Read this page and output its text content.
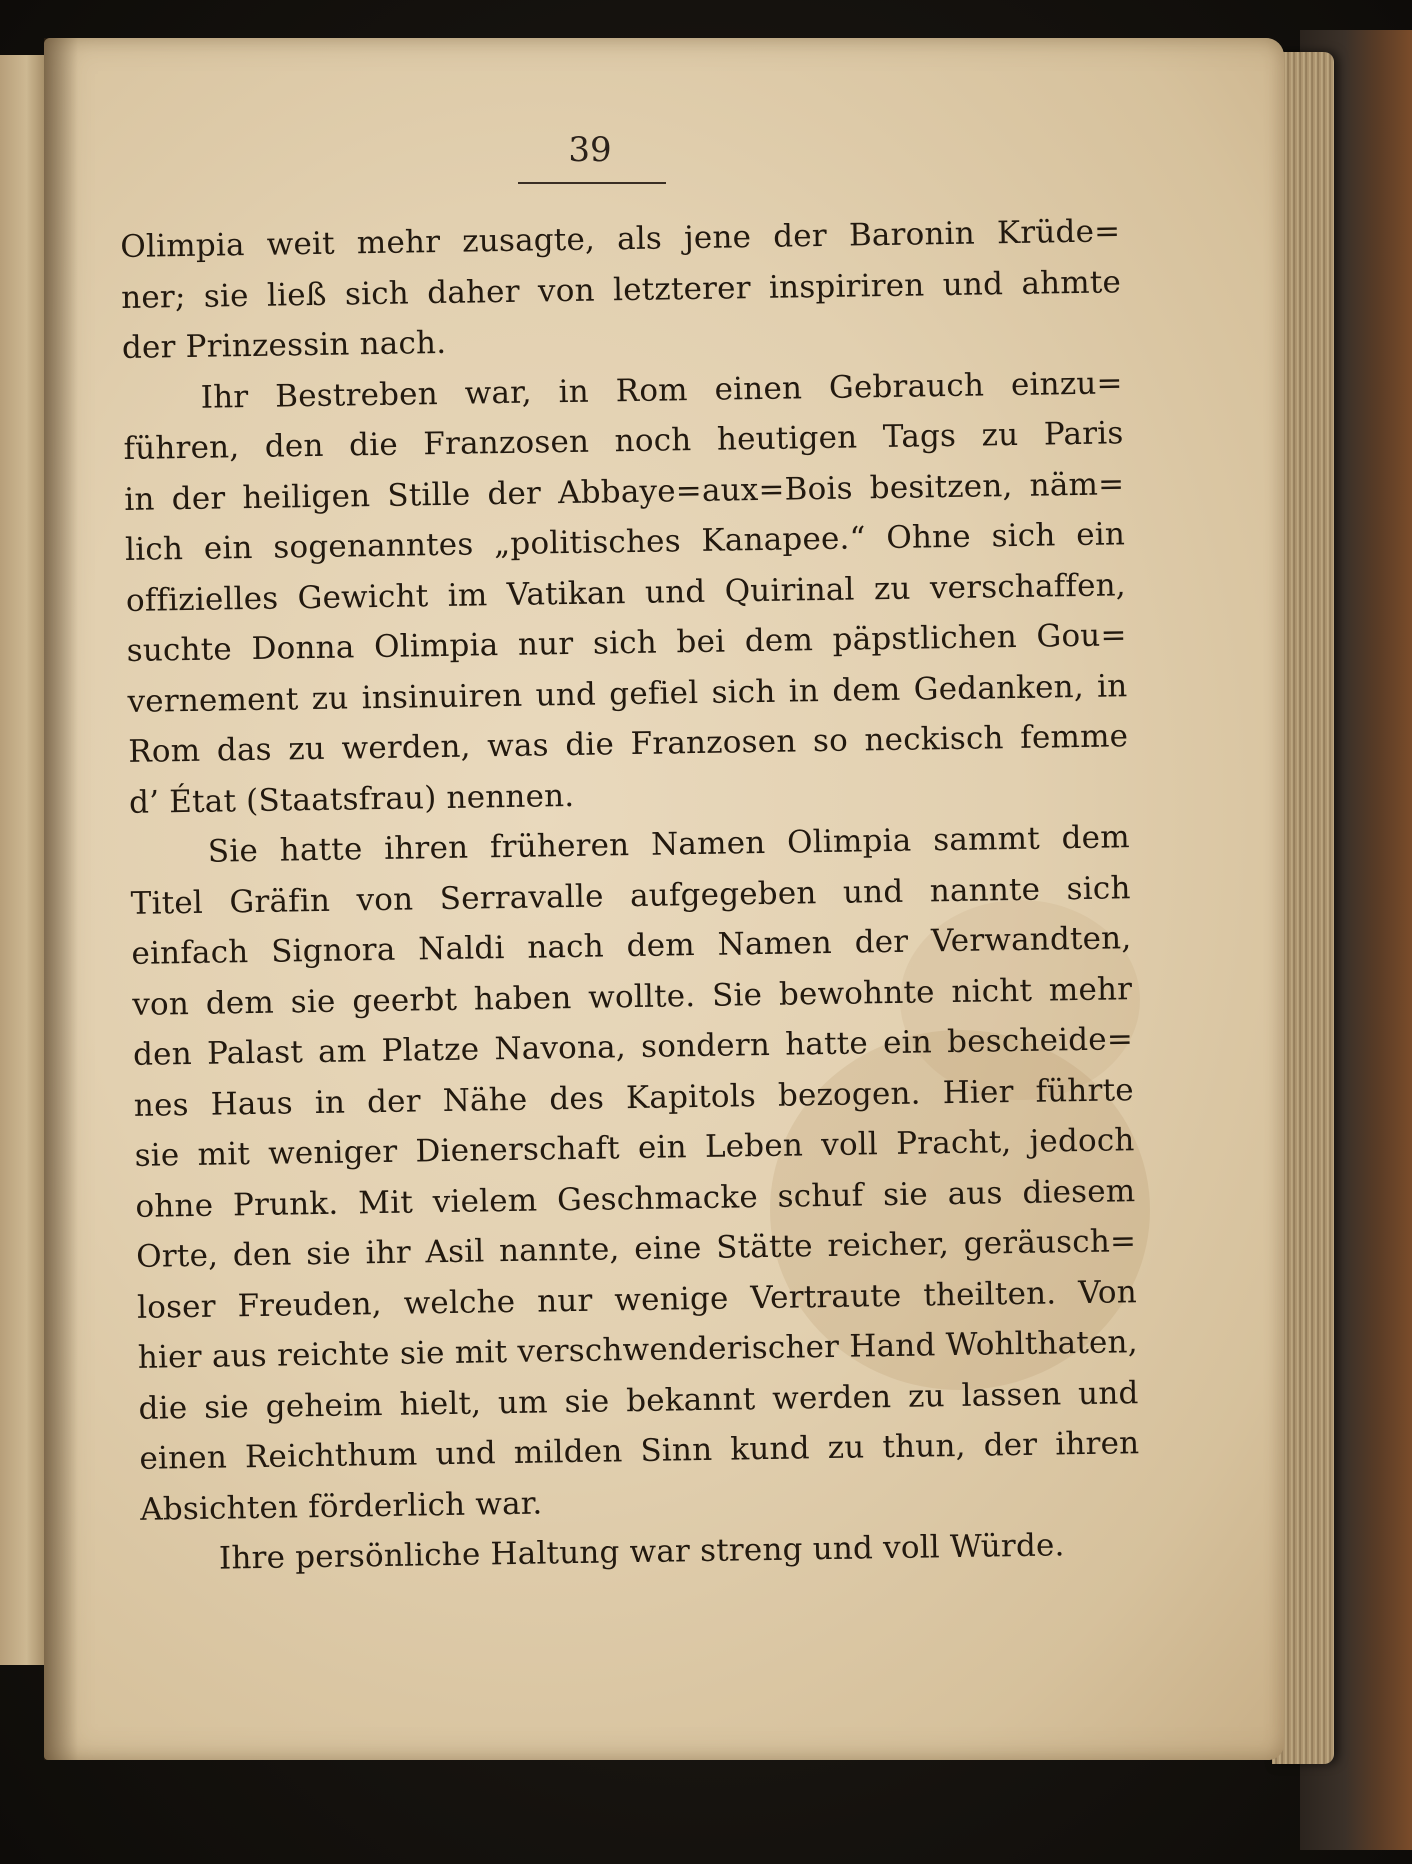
39

Olimpia weit mehr zusagte, als jene der Baronin Krüde=
ner; sie ließ sich daher von letzterer inspiriren und ahmte
der Prinzessin nach.
Ihr Bestreben war, in Rom einen Gebrauch einzu=
führen, den die Franzosen noch heutigen Tags zu Paris
in der heiligen Stille der Abbaye=aux=Bois besitzen, näm=
lich ein sogenanntes „politisches Kanapee.“ Ohne sich ein
offizielles Gewicht im Vatikan und Quirinal zu verschaffen,
suchte Donna Olimpia nur sich bei dem päpstlichen Gou=
vernement zu insinuiren und gefiel sich in dem Gedanken, in
Rom das zu werden, was die Franzosen so neckisch femme
d’ État (Staatsfrau) nennen.
Sie hatte ihren früheren Namen Olimpia sammt dem
Titel Gräfin von Serravalle aufgegeben und nannte sich
einfach Signora Naldi nach dem Namen der Verwandten,
von dem sie geerbt haben wollte. Sie bewohnte nicht mehr
den Palast am Platze Navona, sondern hatte ein bescheide=
nes Haus in der Nähe des Kapitols bezogen. Hier führte
sie mit weniger Dienerschaft ein Leben voll Pracht, jedoch
ohne Prunk. Mit vielem Geschmacke schuf sie aus diesem
Orte, den sie ihr Asil nannte, eine Stätte reicher, geräusch=
loser Freuden, welche nur wenige Vertraute theilten. Von
hier aus reichte sie mit verschwenderischer Hand Wohlthaten,
die sie geheim hielt, um sie bekannt werden zu lassen und
einen Reichthum und milden Sinn kund zu thun, der ihren
Absichten förderlich war.
Ihre persönliche Haltung war streng und voll Würde.
